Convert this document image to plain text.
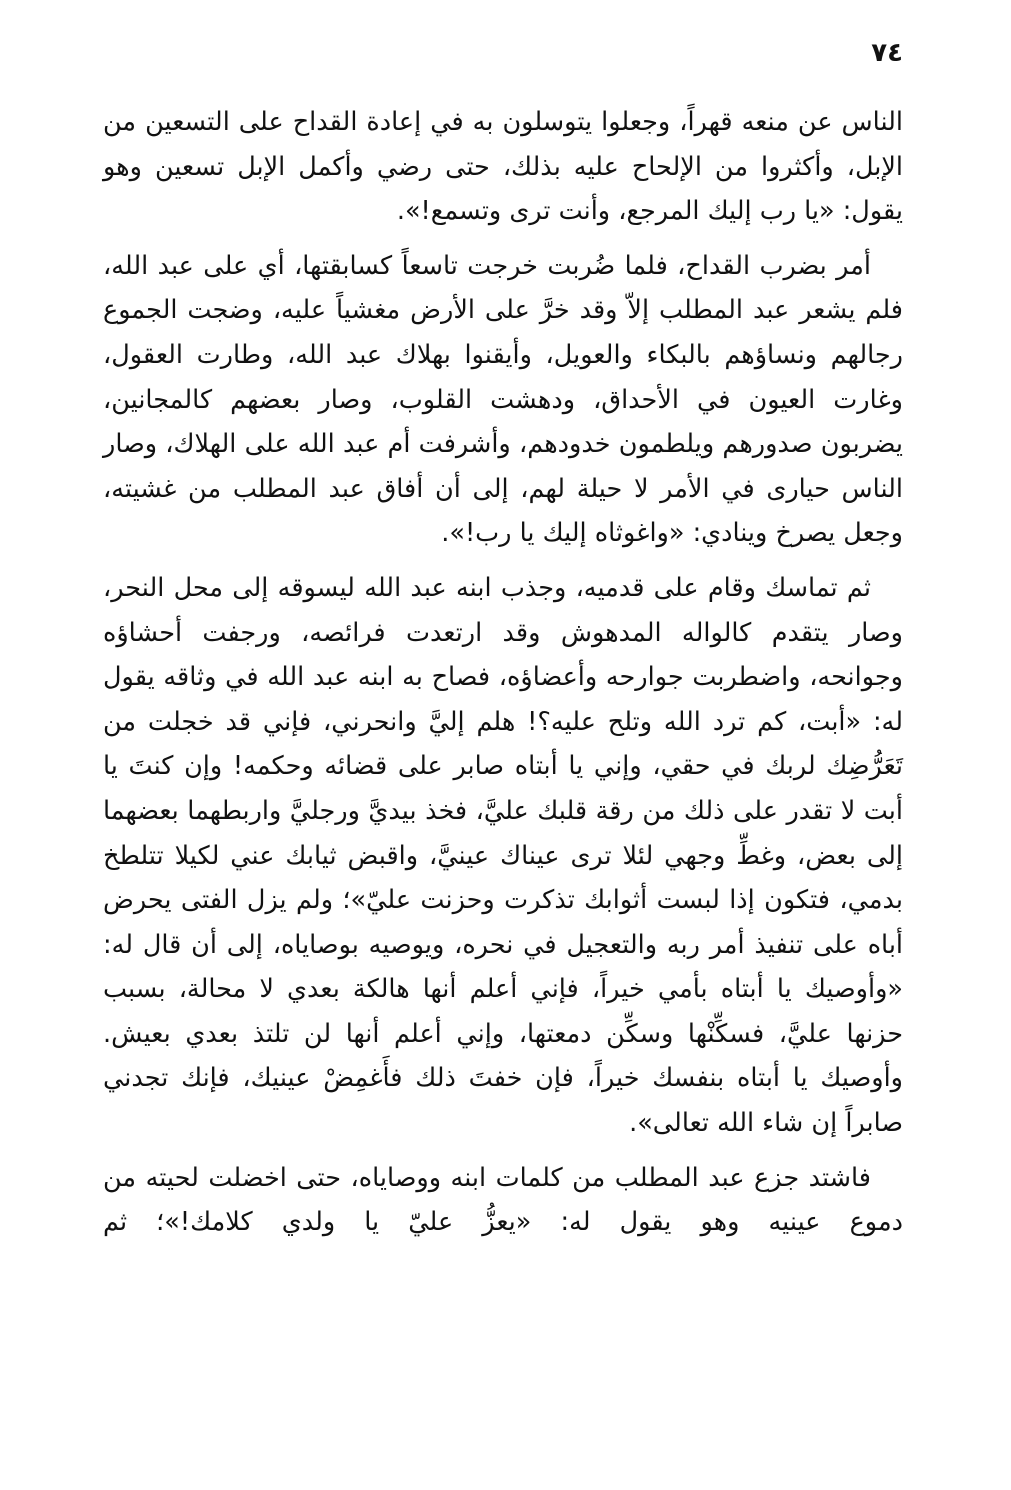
٧٤

الناس عن منعه قهراً، وجعلوا يتوسلون به في إعادة القداح على التسعين من الإبل، وأكثروا من الإلحاح عليه بذلك، حتى رضي وأكمل الإبل تسعين وهو يقول: «يا رب إليك المرجع، وأنت ترى وتسمع!».

أمر بضرب القداح، فلما ضُربت خرجت تاسعاً كسابقتها، أي على عبد الله، فلم يشعر عبد المطلب إلاّ وقد خرَّ على الأرض مغشياً عليه، وضجت الجموع رجالهم ونساؤهم بالبكاء والعويل، وأيقنوا بهلاك عبد الله، وطارت العقول، وغارت العيون في الأحداق، ودهشت القلوب، وصار بعضهم كالمجانين، يضربون صدورهم ويلطمون خدودهم، وأشرفت أم عبد الله على الهلاك، وصار الناس حيارى في الأمر لا حيلة لهم، إلى أن أفاق عبد المطلب من غشيته، وجعل يصرخ وينادي: «واغوثاه إليك يا رب!».

ثم تماسك وقام على قدميه، وجذب ابنه عبد الله ليسوقه إلى محل النحر، وصار يتقدم كالواله المدهوش وقد ارتعدت فرائصه، ورجفت أحشاؤه وجوانحه، واضطربت جوارحه وأعضاؤه، فصاح به ابنه عبد الله في وثاقه يقول له: «أبت، كم ترد الله وتلح عليه؟! هلم إليَّ وانحرني، فإني قد خجلت من تَعَرُّضِك لربك في حقي، وإني يا أبتاه صابر على قضائه وحكمه! وإن كنتَ يا أبت لا تقدر على ذلك من رقة قلبك عليَّ، فخذ بيديَّ ورجليَّ واربطهما بعضهما إلى بعض، وغطِّ وجهي لئلا ترى عيناك عينيَّ، واقبض ثيابك عني لكيلا تتلطخ بدمي، فتكون إذا لبست أثوابك تذكرت وحزنت عليّ»؛ ولم يزل الفتى يحرض أباه على تنفيذ أمر ربه والتعجيل في نحره، ويوصيه بوصاياه، إلى أن قال له: «وأوصيك يا أبتاه بأمي خيراً، فإني أعلم أنها هالكة بعدي لا محالة، بسبب حزنها عليَّ، فسكِّنْها وسكِّن دمعتها، وإني أعلم أنها لن تلتذ بعدي بعيش. وأوصيك يا أبتاه بنفسك خيراً، فإن خفتَ ذلك فأَغمِضْ عينيك، فإنك تجدني صابراً إن شاء الله تعالى».

فاشتد جزع عبد المطلب من كلمات ابنه ووصاياه، حتى اخضلت لحيته من دموع عينيه وهو يقول له: «يعزُّ عليّ يا ولدي كلامك!»؛ ثم
